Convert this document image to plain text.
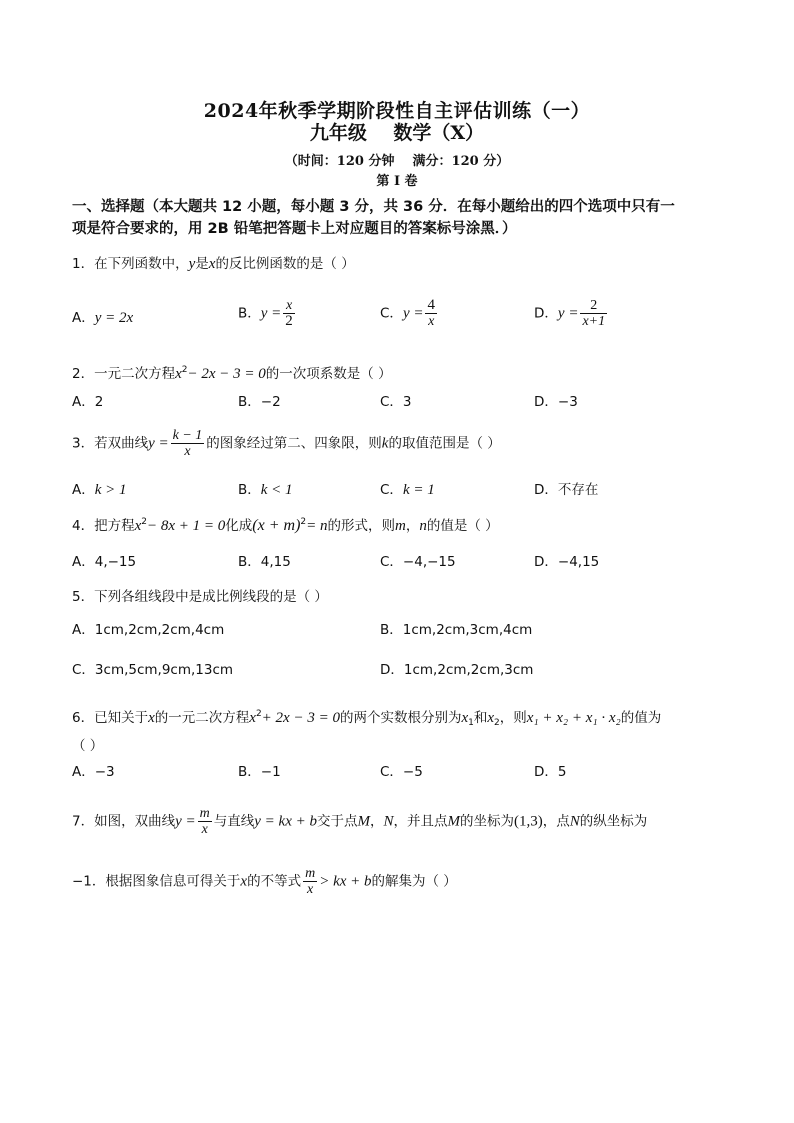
2024年秋季学期阶段性自主评估训练（一）
九年级    数学（X）
（时间：120 分钟    满分：120 分）
第 I 卷
一、选择题（本大题共 12 小题，每小题 3 分，共 36 分．在每小题给出的四个选项中只有一
项是符合要求的，用 2B 铅笔把答题卡上对应题目的答案标号涂黑．）
1．在下列函数中，y是x的反比例函数的是（ ）
A．y = 2x	B．$y = \frac{x}{2}$	C．$y = \frac{4}{x}$	D．$y = \frac{2}{x+1}$
2．一元二次方程$x^2- 2x - 3 = 0$的一次项系数是（ ）
A．2	B．−2	C．3	D．−3
3．若双曲线$y = \frac{k - 1}{x}$ 的图象经过第二、四象限，则k的取值范围是（ ）
A．k > 1	B．k < 1	C．k = 1	D．不存在
4．把方程$x^2- 8x + 1 = 0$化成$(x + m)^2= n$的形式，则m，n的值是（ ）
A．4,−15	B．4,15	C．−4,−15	D．−4,15
5．下列各组线段中是成比例线段的是（ ）
A．1cm,2cm,2cm,4cm	B．1cm,2cm,3cm,4cm
C．3cm,5cm,9cm,13cm	D．1cm,2cm,2cm,3cm
6．已知关于x的一元二次方程$x^2+ 2x - 3 = 0$的两个实数根分别为$x_1$和$x_2$，则x₁ + x₂ + x₁ · x₂的值为
（ ）
A．−3	B．−1	C．−5	D．5
7．如图，双曲线$y = \frac{m}{x}$ 与直线y = kx + b交于点M，N，并且点M的坐标为(1,3)，点N的纵坐标为
−1．根据图象信息可得关于x的不等式 $\frac{m}{x}$ > kx + b的解集为（ ）
